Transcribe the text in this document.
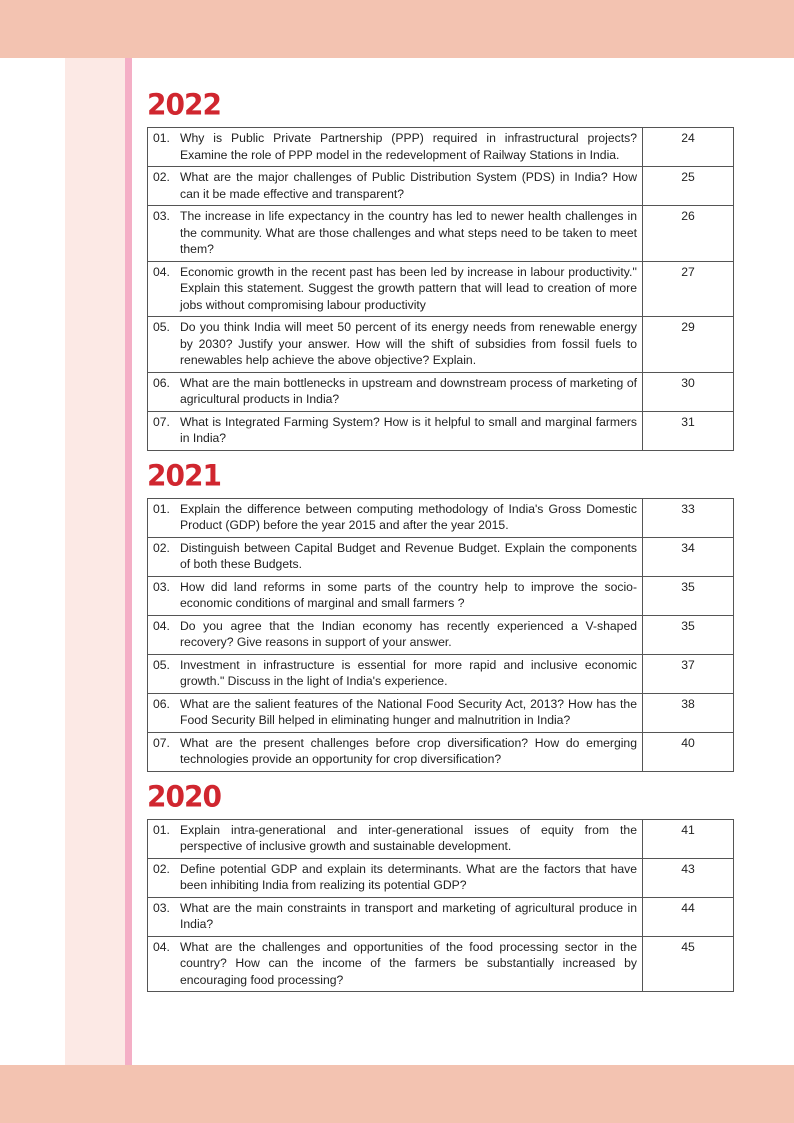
2022
01. Why is Public Private Partnership (PPP) required in infrastructural projects? Examine the role of PPP model in the redevelopment of Railway Stations in India.	24

02. What are the major challenges of Public Distribution System (PDS) in India? How can it be made effective and transparent?	25

03. The increase in life expectancy in the country has led to newer health challenges in the community. What are those challenges and what steps need to be taken to meet them?	26

04. Economic growth in the recent past has been led by increase in labour productivity.'' Explain this statement. Suggest the growth pattern that will lead to creation of more jobs without compromising labour productivity	27

05. Do you think India will meet 50 percent of its energy needs from renewable energy by 2030? Justify your answer. How will the shift of subsidies from fossil fuels to renewables help achieve the above objective? Explain.	29

06. What are the main bottlenecks in upstream and downstream process of marketing of agricultural products in India?	30

07. What is Integrated Farming System? How is it helpful to small and marginal farmers in India?	31
2021
01. Explain the difference between computing methodology of India's Gross Domestic Product (GDP) before the year 2015 and after the year 2015.	33

02. Distinguish between Capital Budget and Revenue Budget. Explain the components of both these Budgets.	34

03. How did land reforms in some parts of the country help to improve the socio-economic conditions of marginal and small farmers ?	35

04. Do you agree that the Indian economy has recently experienced a V-shaped recovery? Give reasons in support of your answer.	35

05. Investment in infrastructure is essential for more rapid and inclusive economic growth." Discuss in the light of India's experience.	37

06. What are the salient features of the National Food Security Act, 2013? How has the Food Security Bill helped in eliminating hunger and malnutrition in India?	38

07. What are the present challenges before crop diversification? How do emerging technologies provide an opportunity for crop diversification?	40
2020
01. Explain intra-generational and inter-generational issues of equity from the perspective of inclusive growth and sustainable development.	41

02. Define potential GDP and explain its determinants. What are the factors that have been inhibiting India from realizing its potential GDP?	43

03. What are the main constraints in transport and marketing of agricultural produce in India?	44

04. What are the challenges and opportunities of the food processing sector in the country? How can the income of the farmers be substantially increased by encouraging food processing?	45
